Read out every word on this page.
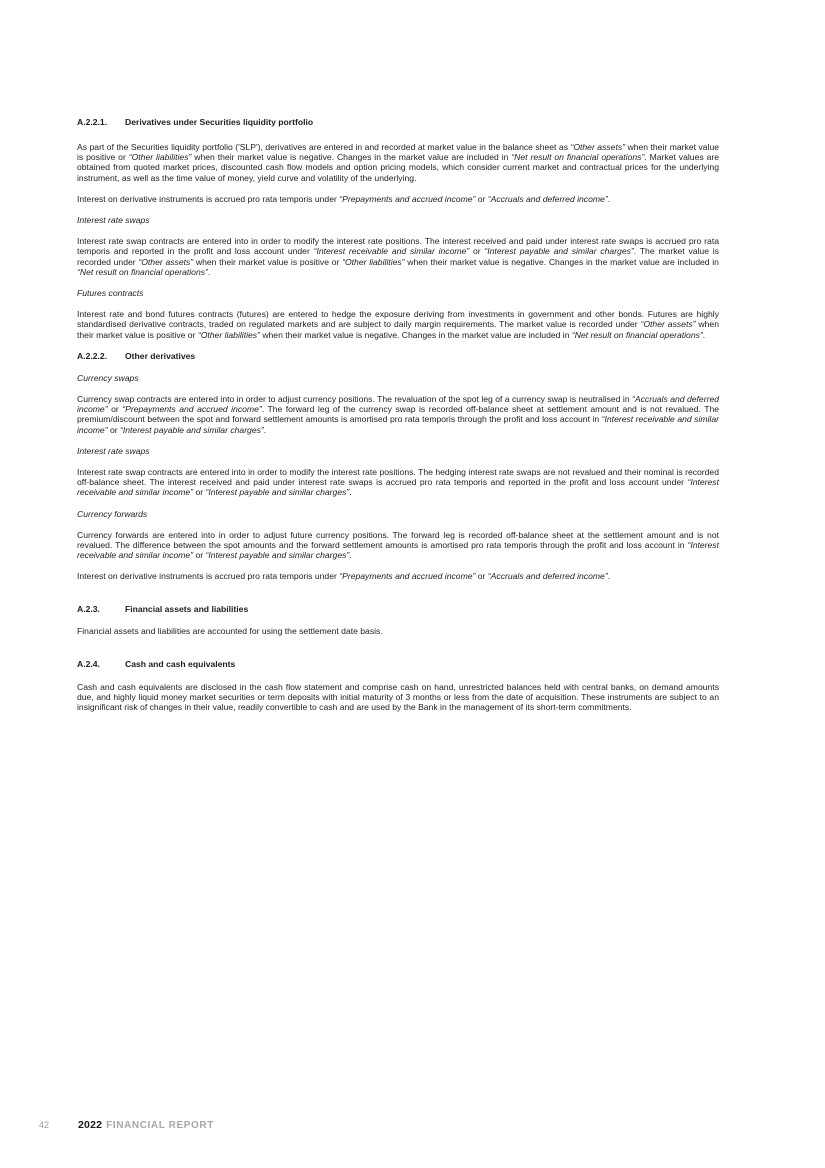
A.2.2.1.	Derivatives under Securities liquidity portfolio

As part of the Securities liquidity portfolio ('SLP'), derivatives are entered in and recorded at market value in the balance sheet as “Other assets” when their market value is positive or “Other liabilities” when their market value is negative. Changes in the market value are included in “Net result on financial operations”. Market values are obtained from quoted market prices, discounted cash flow models and option pricing models, which consider current market and contractual prices for the underlying instrument, as well as the time value of money, yield curve and volatility of the underlying.

Interest on derivative instruments is accrued pro rata temporis under “Prepayments and accrued income” or “Accruals and deferred income”.

Interest rate swaps

Interest rate swap contracts are entered into in order to modify the interest rate positions. The interest received and paid under interest rate swaps is accrued pro rata temporis and reported in the profit and loss account under “Interest receivable and similar income” or “Interest payable and similar charges”. The market value is recorded under “Other assets” when their market value is positive or “Other liabilities” when their market value is negative. Changes in the market value are included in “Net result on financial operations”.

Futures contracts

Interest rate and bond futures contracts (futures) are entered to hedge the exposure deriving from investments in government and other bonds. Futures are highly standardised derivative contracts, traded on regulated markets and are subject to daily margin requirements. The market value is recorded under “Other assets” when their market value is positive or “Other liabilities” when their market value is negative. Changes in the market value are included in “Net result on financial operations”.

A.2.2.2.	Other derivatives

Currency swaps

Currency swap contracts are entered into in order to adjust currency positions. The revaluation of the spot leg of a currency swap is neutralised in “Accruals and deferred income” or “Prepayments and accrued income”. The forward leg of the currency swap is recorded off-balance sheet at settlement amount and is not revalued. The premium/discount between the spot and forward settlement amounts is amortised pro rata temporis through the profit and loss account in “Interest receivable and similar income” or “Interest payable and similar charges”.

Interest rate swaps

Interest rate swap contracts are entered into in order to modify the interest rate positions. The hedging interest rate swaps are not revalued and their nominal is recorded off-balance sheet. The interest received and paid under interest rate swaps is accrued pro rata temporis and reported in the profit and loss account under “Interest receivable and similar income” or “Interest payable and similar charges”.

Currency forwards

Currency forwards are entered into in order to adjust future currency positions. The forward leg is recorded off-balance sheet at the settlement amount and is not revalued. The difference between the spot amounts and the forward settlement amounts is amortised pro rata temporis through the profit and loss account in “Interest receivable and similar income” or “Interest payable and similar charges”.

Interest on derivative instruments is accrued pro rata temporis under “Prepayments and accrued income” or “Accruals and deferred income”.

A.2.3.	Financial assets and liabilities

Financial assets and liabilities are accounted for using the settlement date basis.

A.2.4.	Cash and cash equivalents

Cash and cash equivalents are disclosed in the cash flow statement and comprise cash on hand, unrestricted balances held with central banks, on demand amounts due, and highly liquid money market securities or term deposits with initial maturity of 3 months or less from the date of acquisition. These instruments are subject to an insignificant risk of changes in their value, readily convertible to cash and are used by the Bank in the management of its short-term commitments.

42	2022 FINANCIAL REPORT
